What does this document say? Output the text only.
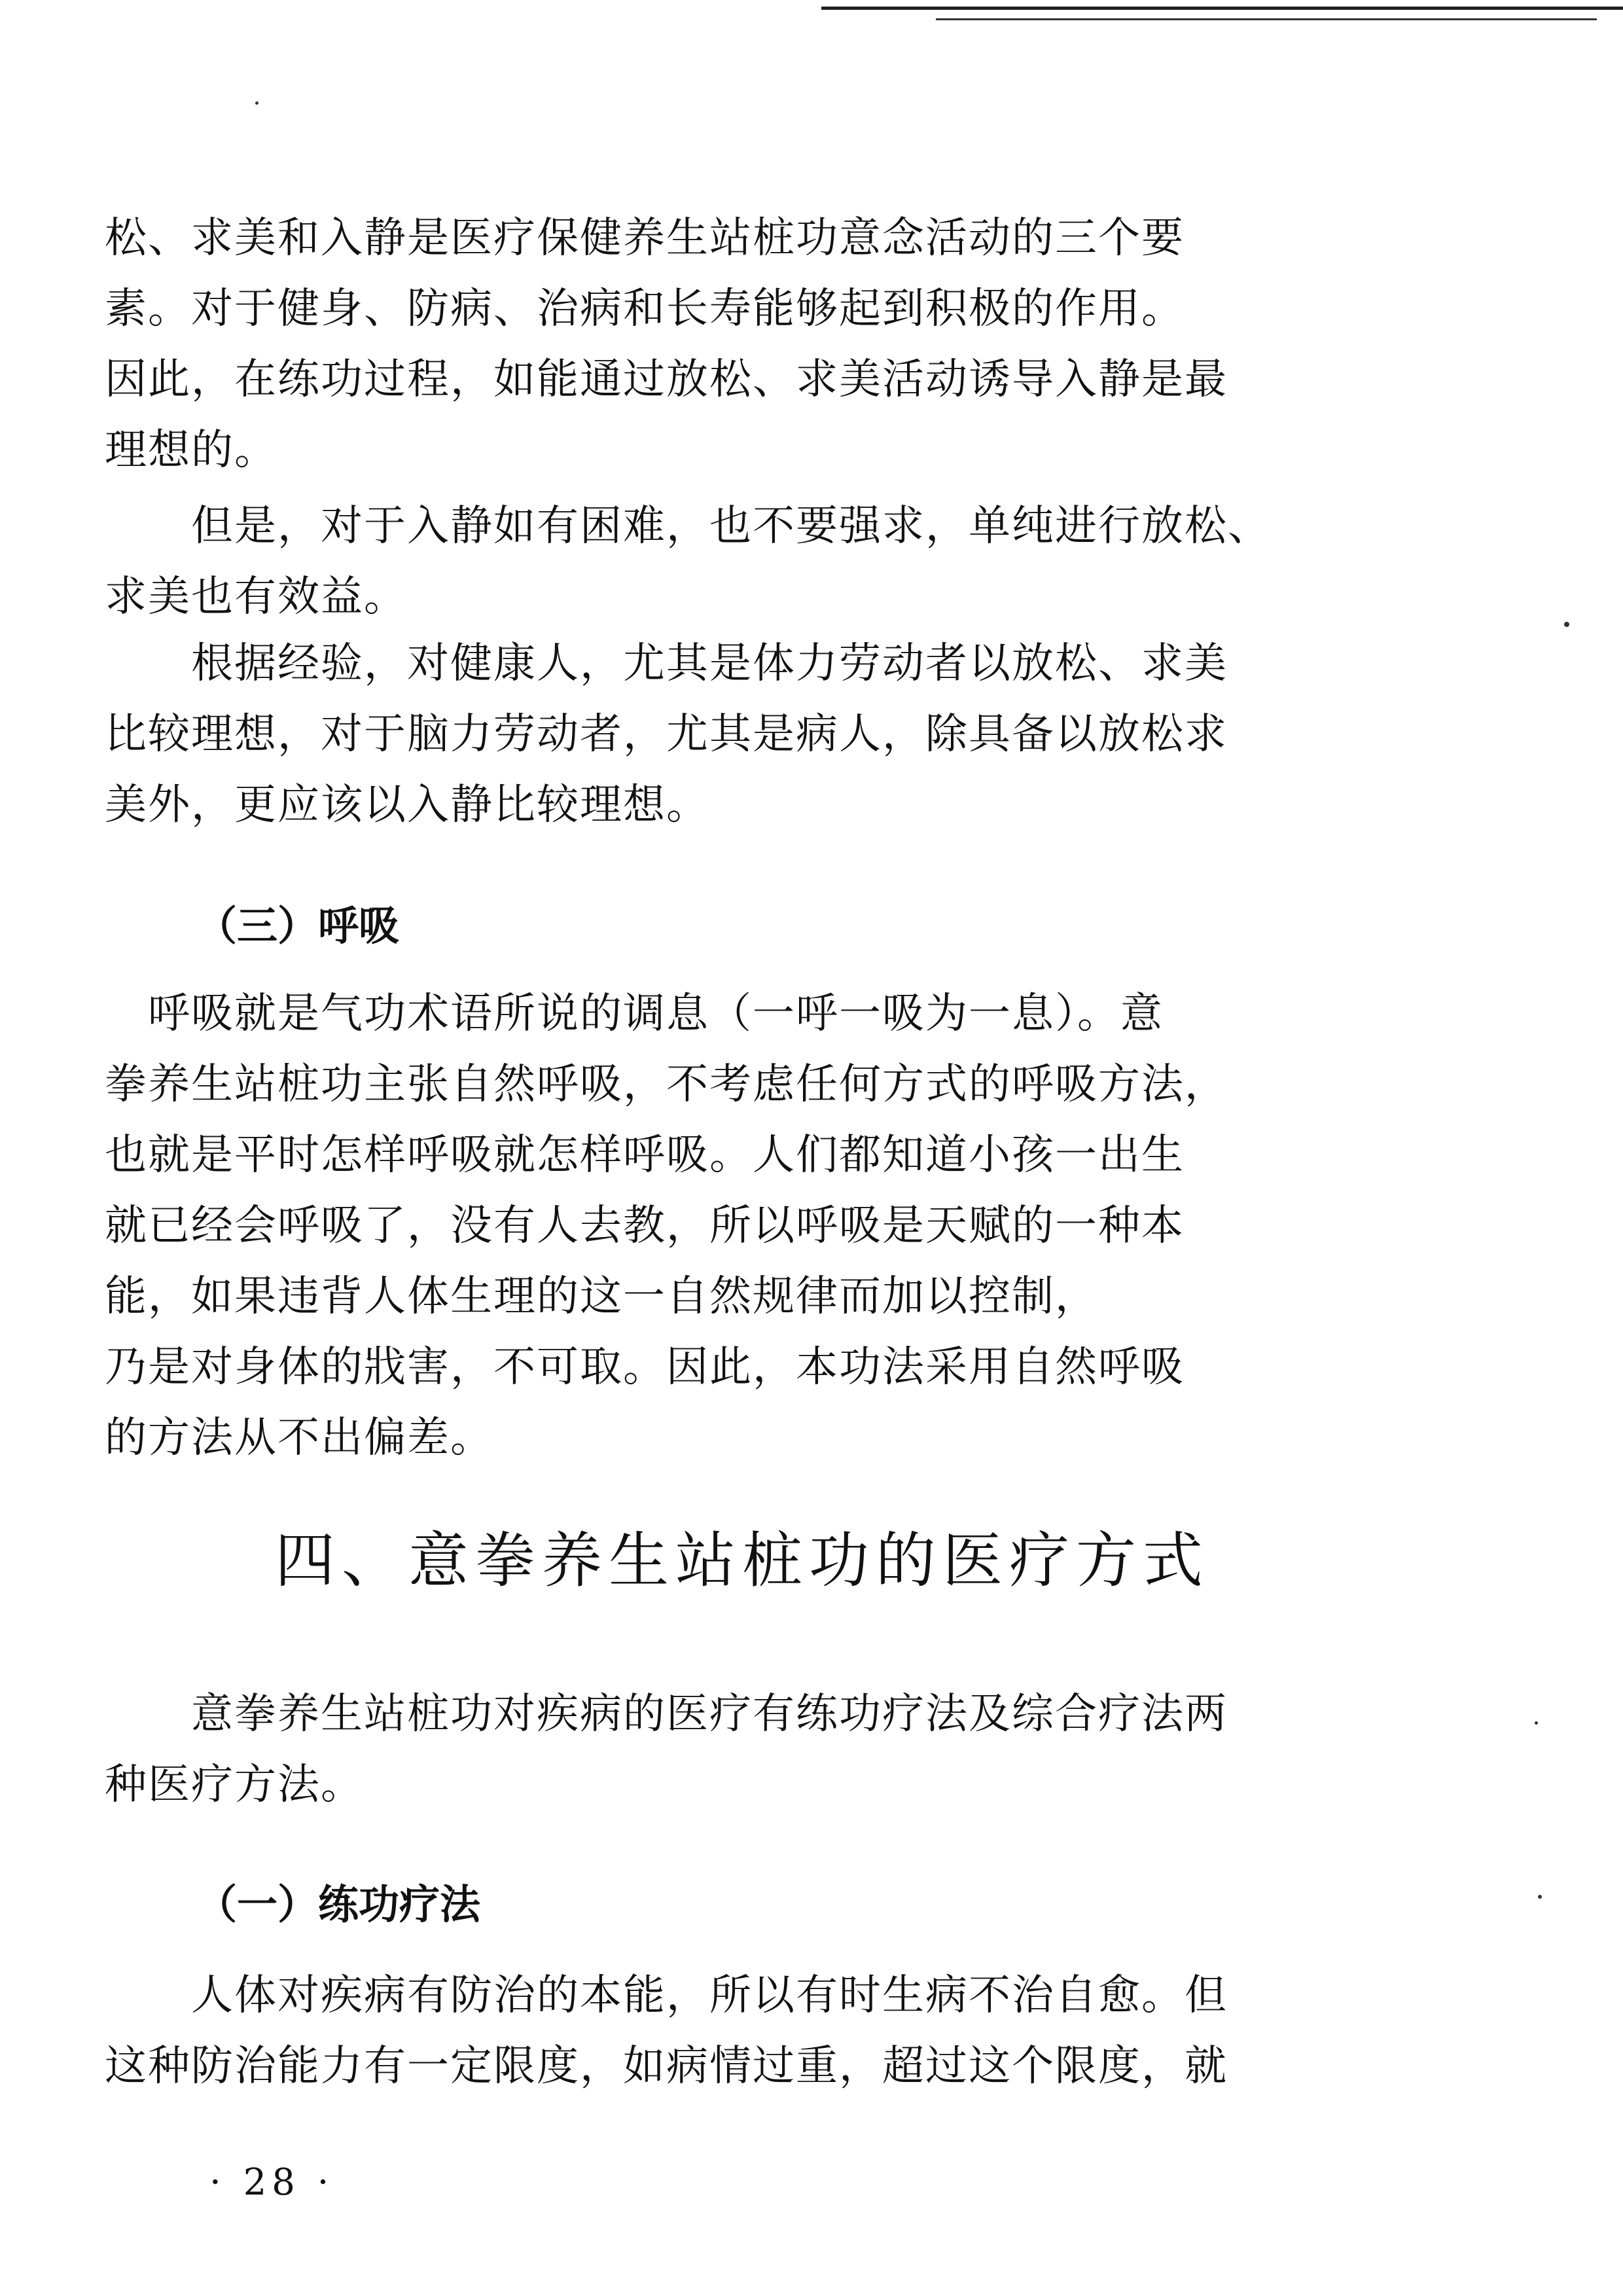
松、求美和入静是医疗保健养生站桩功意念活动的三个要
素。对于健身、防病、治病和长寿能够起到积极的作用。
因此，在练功过程，如能通过放松、求美活动诱导入静是最
理想的。
　　但是，对于入静如有困难，也不要强求，单纯进行放松、
求美也有效益。
　　根据经验，对健康人，尤其是体力劳动者以放松、求美
比较理想，对于脑力劳动者，尤其是病人，除具备以放松求
美外，更应该以入静比较理想。
（三）呼吸
　呼吸就是气功术语所说的调息（一呼一吸为一息）。意
拳养生站桩功主张自然呼吸，不考虑任何方式的呼吸方法，
也就是平时怎样呼吸就怎样呼吸。人们都知道小孩一出生
就已经会呼吸了，没有人去教，所以呼吸是天赋的一种本
能，如果违背人体生理的这一自然规律而加以控制，
乃是对身体的戕害，不可取。因此，本功法采用自然呼吸
的方法从不出偏差。
四、意拳养生站桩功的医疗方式
　　意拳养生站桩功对疾病的医疗有练功疗法及综合疗法两
种医疗方法。
（一）练功疗法
　　人体对疾病有防治的本能，所以有时生病不治自愈。但
这种防治能力有一定限度，如病情过重，超过这个限度，就
· 28 ·
